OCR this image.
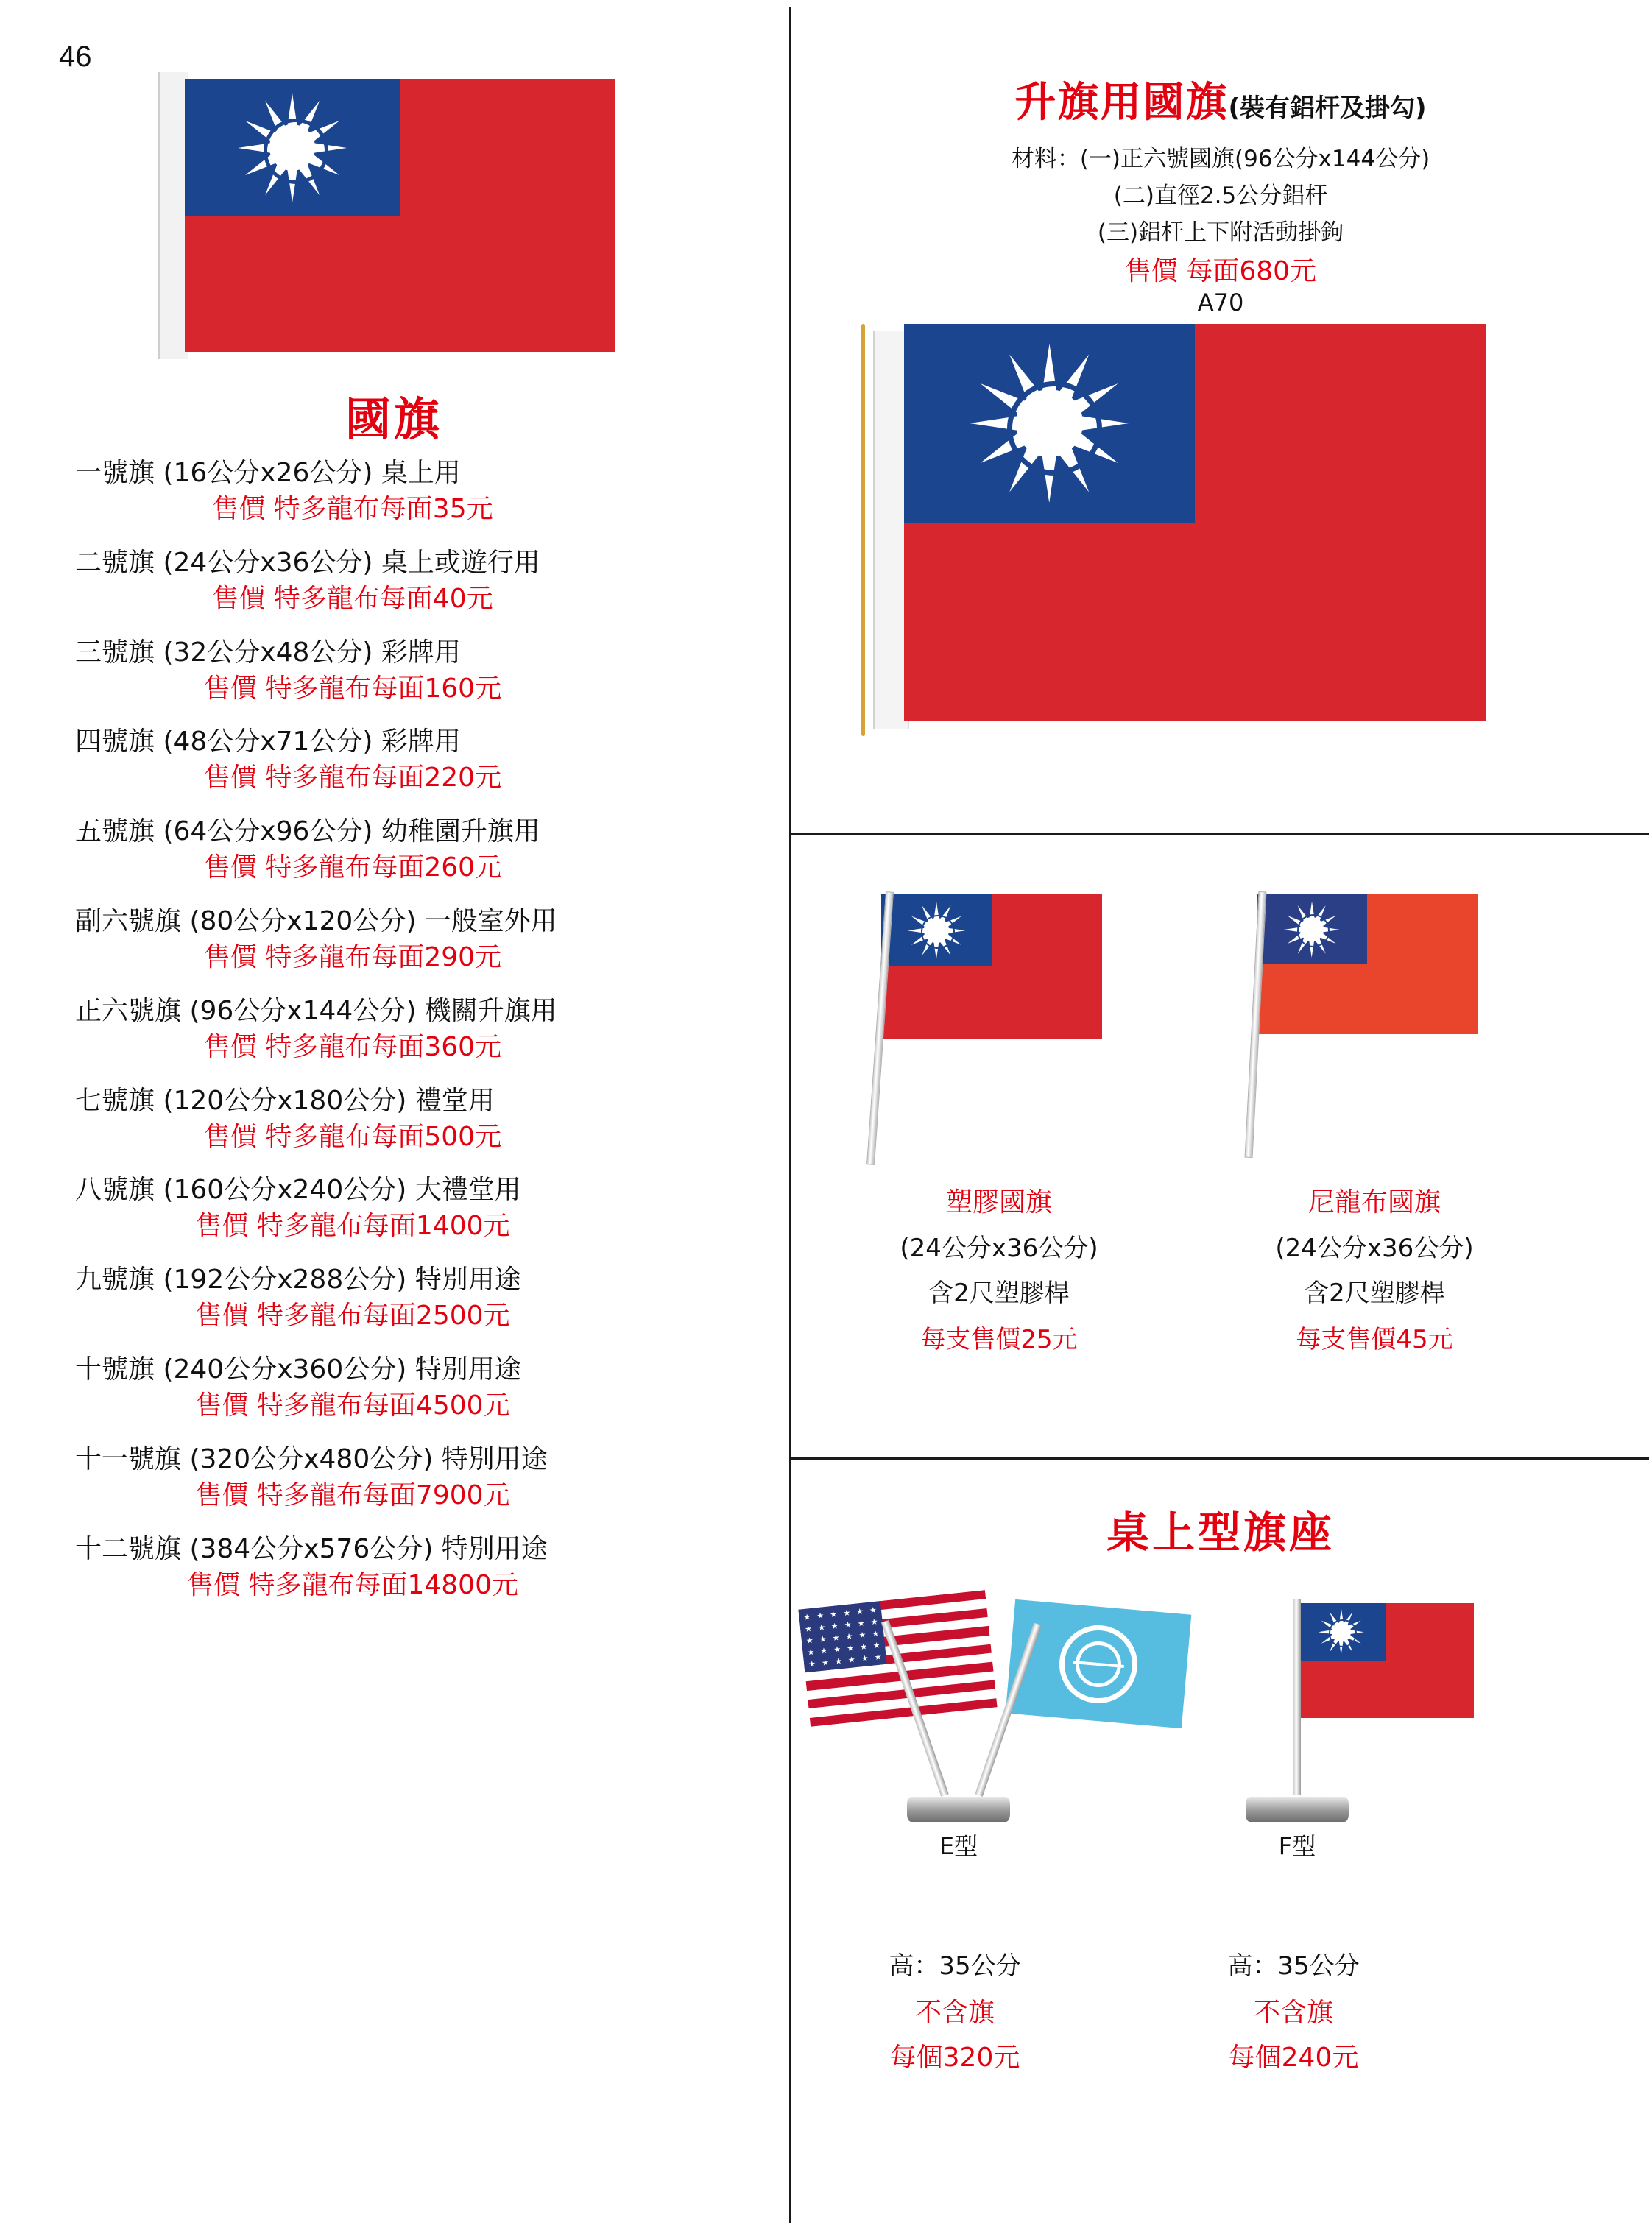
46
國旗
一號旗 (16公分x26公分) 桌上用
售價 特多龍布每面35元
二號旗 (24公分x36公分) 桌上或遊行用
售價 特多龍布每面40元
三號旗 (32公分x48公分) 彩牌用
售價 特多龍布每面160元
四號旗 (48公分x71公分) 彩牌用
售價 特多龍布每面220元
五號旗 (64公分x96公分) 幼稚園升旗用
售價 特多龍布每面260元
副六號旗 (80公分x120公分) 一般室外用
售價 特多龍布每面290元
正六號旗 (96公分x144公分) 機關升旗用
售價 特多龍布每面360元
七號旗 (120公分x180公分) 禮堂用
售價 特多龍布每面500元
八號旗 (160公分x240公分) 大禮堂用
售價 特多龍布每面1400元
九號旗 (192公分x288公分) 特別用途
售價 特多龍布每面2500元
十號旗 (240公分x360公分) 特別用途
售價 特多龍布每面4500元
十一號旗 (320公分x480公分) 特別用途
售價 特多龍布每面7900元
十二號旗 (384公分x576公分) 特別用途
售價 特多龍布每面14800元
升旗用國旗(裝有鋁杆及掛勾)
材料：(一)正六號國旗(96公分x144公分)
(二)直徑2.5公分鋁杆
(三)鋁杆上下附活動掛鉤
售價 每面680元
A70
塑膠國旗
(24公分x36公分)
含2尺塑膠桿
每支售價25元
尼龍布國旗
(24公分x36公分)
含2尺塑膠桿
每支售價45元
桌上型旗座
★ ★ ★ ★ ★ ★
★ ★ ★ ★ ★ ★
★ ★ ★ ★ ★ ★
★ ★ ★ ★ ★ ★
★ ★ ★ ★ ★ ★
E型	F型
高：35公分
不含旗
每個320元
高：35公分
不含旗
每個240元
